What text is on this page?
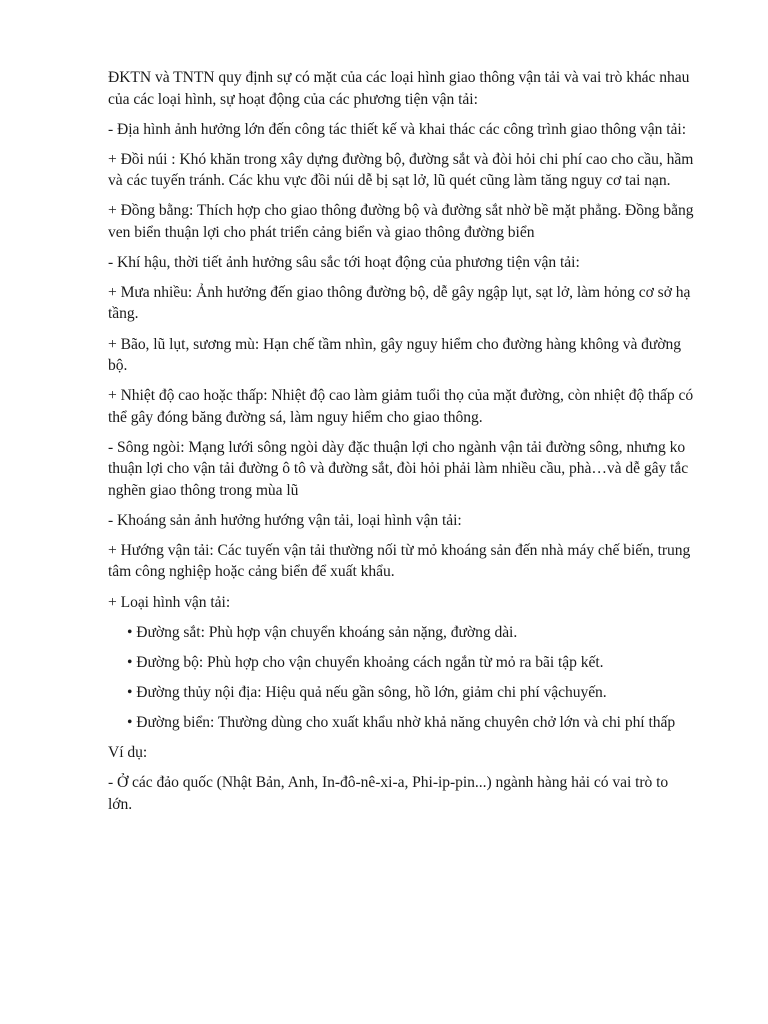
ĐKTN và TNTN quy định sự có mặt của các loại hình giao thông vận tải và vai trò khác nhau của các loại hình, sự hoạt động của các phương tiện vận tải:

- Địa hình ảnh hưởng lớn đến công tác thiết kế và khai thác các công trình giao thông vận tải:

+ Đồi núi : Khó khăn trong xây dựng đường bộ, đường sắt và đòi hỏi chi phí cao cho cầu, hầm và các tuyến tránh. Các khu vực đồi núi dễ bị sạt lở, lũ quét cũng làm tăng nguy cơ tai nạn.

+ Đồng bằng: Thích hợp cho giao thông đường bộ và đường sắt nhờ bề mặt phẳng. Đồng bằng ven biển thuận lợi cho phát triển cảng biển và giao thông đường biển

- Khí hậu, thời tiết ảnh hưởng sâu sắc tới hoạt động của phương tiện vận tải:

+ Mưa nhiều: Ảnh hưởng đến giao thông đường bộ, dễ gây ngập lụt, sạt lở, làm hỏng cơ sở hạ tầng.

+ Bão, lũ lụt, sương mù: Hạn chế tầm nhìn, gây nguy hiểm cho đường hàng không và đường bộ.

+ Nhiệt độ cao hoặc thấp: Nhiệt độ cao làm giảm tuổi thọ của mặt đường, còn nhiệt độ thấp có thể gây đóng băng đường sá, làm nguy hiểm cho giao thông.

- Sông ngòi: Mạng lưới sông ngòi dày đặc thuận lợi cho ngành vận tải đường sông, nhưng ko thuận lợi cho vận tải đường ô tô và đường sắt, đòi hỏi phải làm nhiều cầu, phà…và dễ gây tắc nghẽn giao thông trong mùa lũ

- Khoáng sản ảnh hưởng hướng vận tải, loại hình vận tải:

+ Hướng vận tải: Các tuyến vận tải thường nối từ mỏ khoáng sản đến nhà máy chế biến, trung tâm công nghiệp hoặc cảng biển để xuất khẩu.

+ Loại hình vận tải:

• Đường sắt: Phù hợp vận chuyển khoáng sản nặng, đường dài.

• Đường bộ: Phù hợp cho vận chuyển khoảng cách ngắn từ mỏ ra bãi tập kết.

• Đường thủy nội địa: Hiệu quả nếu gần sông, hồ lớn, giảm chi phí vậchuyến.

• Đường biển: Thường dùng cho xuất khẩu nhờ khả năng chuyên chở lớn và chi phí thấp

Ví dụ:

- Ở các đảo quốc (Nhật Bản, Anh, In-đô-nê-xi-a, Phi-ip-pin...) ngành hàng hải có vai trò to lớn.
